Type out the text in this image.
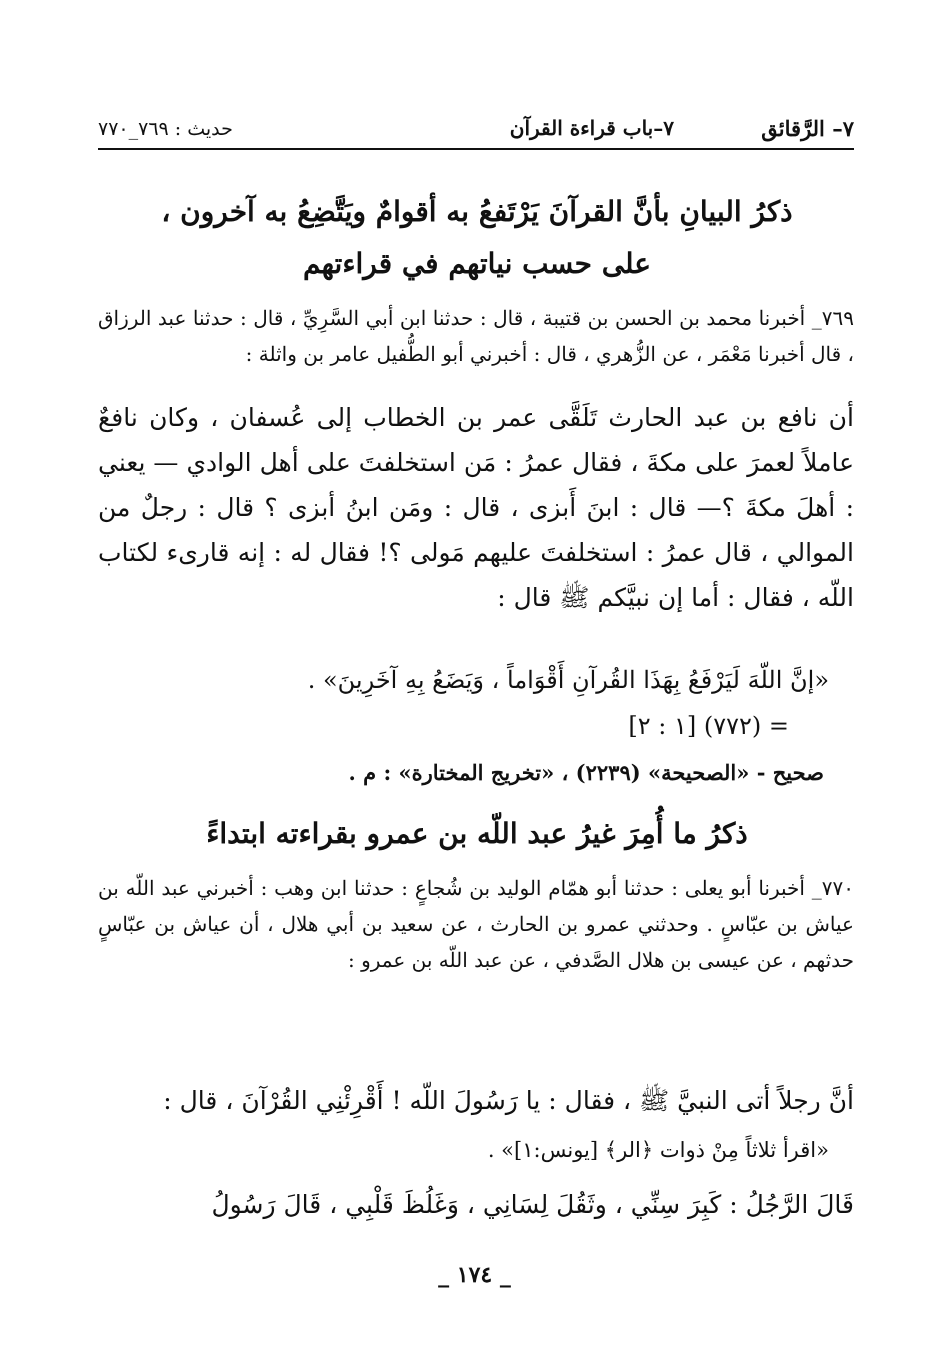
٧– الرَّقائق
٧–باب قراءة القرآن
حديث : ٧٦٩_٧٧٠
ذكرُ البيانِ بأنَّ القرآنَ يَرْتَفعُ به أقوامٌ ويَتَّضِعُ به آخرون ، على حسب نياتهم في قراءتهم
٧٦٩_ أخبرنا محمد بن الحسن بن قتيبة ، قال : حدثنا ابن أبي السَّرِيِّ ، قال : حدثنا عبد الرزاق ، قال أخبرنا مَعْمَر ، عن الزُّهري ، قال : أخبرني أبو الطُّفيل عامر بن واثلة :
أن نافع بن عبد الحارث تَلَقَّى عمر بن الخطاب إلى عُسفان ، وكان نافعٌ عاملاً لعمرَ على مكةَ ، فقال عمرُ : مَن استخلفتَ على أهل الوادي — يعني : أهلَ مكةَ ؟— قال : ابنَ أَبزى ، قال : ومَن ابنُ أبزى ؟ قال : رجلٌ من الموالي ، قال عمرُ : استخلفتَ عليهم مَولى ؟! فقال له : إنه قارىء لكتاب اللّه ، فقال : أما إن نبيَّكم ﷺ قال :
«إنَّ اللّهَ لَيَرْفَعُ بِهَذَا القُرآنِ أَقْوَاماً ، وَيَضَعُ بِهِ آخَرِينَ» .
= (٧٧٢) [١ : ٢]
صحيح - «الصحيحة» (٢٢٣٩) ، «تخريج المختارة» : م .
ذكرُ ما أُمِرَ غيرُ عبد اللّه بن عمرو بقراءته ابتداءً
٧٧٠_ أخبرنا أبو يعلى : حدثنا أبو همّام الوليد بن شُجاعٍ : حدثنا ابن وهب : أخبرني عبد اللّه بن عياش بن عبّاسٍ . وحدثني عمرو بن الحارث ، عن سعيد بن أبي هلال ، أن عياش بن عبّاسٍ حدثهم ، عن عيسى بن هلال الصَّدفي ، عن عبد اللّه بن عمرو :
أنَّ رجلاً أتى النبيَّ ﷺ ، فقال : يا رَسُولَ اللّه ! أَقْرِئْنِي القُرْآنَ ، قال :
«اقرأ ثلاثاً مِنْ ذوات ﴿الر﴾ [يونس:١]» .
قَالَ الرَّجُلُ : كَبِرَ سِنِّي ، وثَقُلَ لِسَانِي ، وَغَلُظَ قَلْبِي ، قَالَ رَسُولُ
_ ١٧٤ _
